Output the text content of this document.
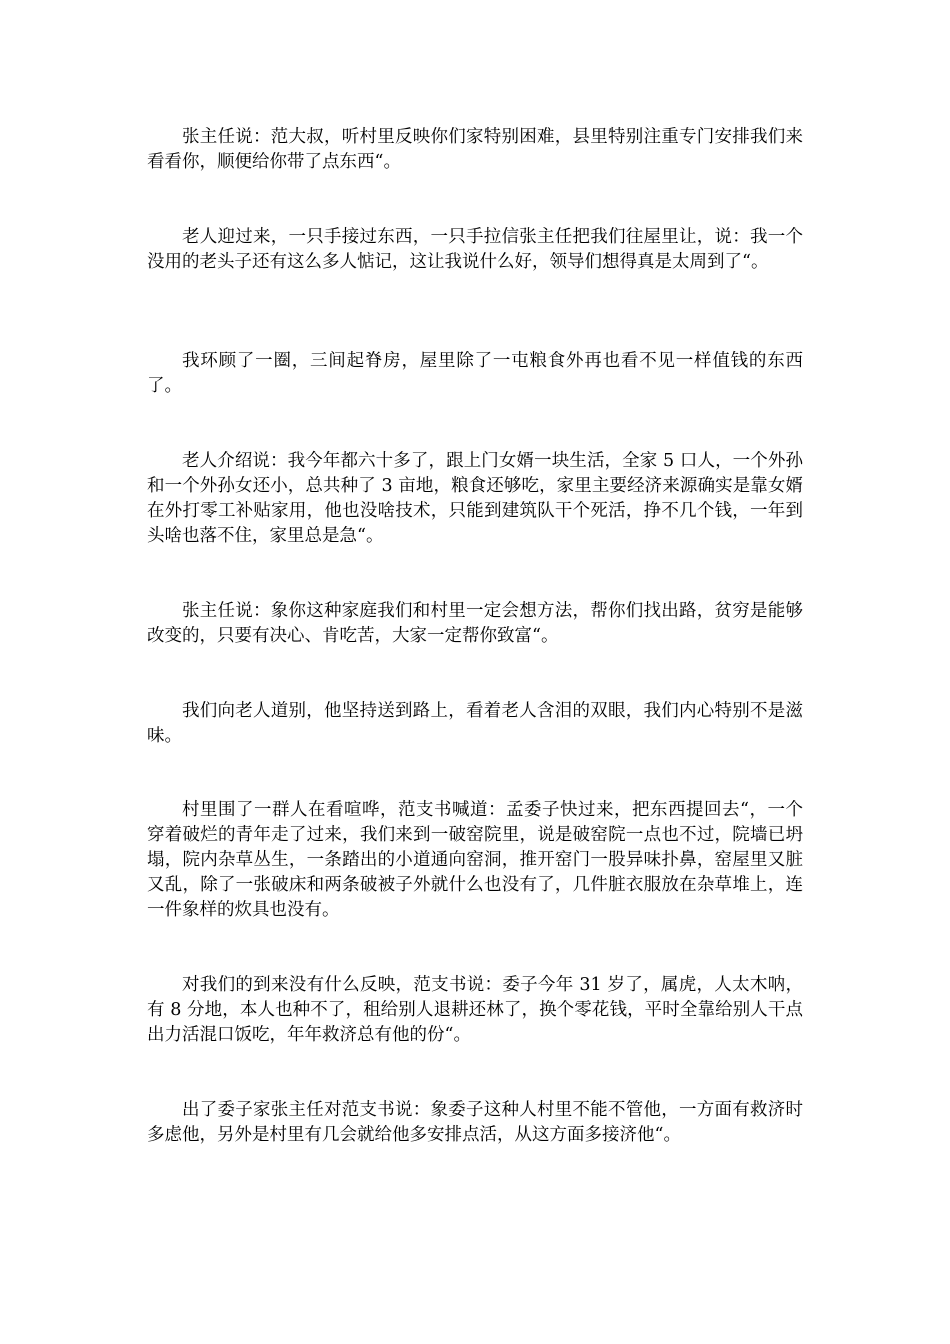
张主任说：范大叔，听村里反映你们家特别困难，县里特别注重专门安排我们来看看你，顺便给你带了点东西“。

老人迎过来，一只手接过东西，一只手拉信张主任把我们往屋里让，说：我一个没用的老头子还有这么多人惦记，这让我说什么好，领导们想得真是太周到了“。

我环顾了一圈，三间起脊房，屋里除了一屯粮食外再也看不见一样值钱的东西了。

老人介绍说：我今年都六十多了，跟上门女婿一块生活，全家 5 口人，一个外孙和一个外孙女还小，总共种了 3 亩地，粮食还够吃，家里主要经济来源确实是靠女婿在外打零工补贴家用，他也没啥技术，只能到建筑队干个死活，挣不几个钱，一年到头啥也落不住，家里总是急“。

张主任说：象你这种家庭我们和村里一定会想方法，帮你们找出路，贫穷是能够改变的，只要有决心、肯吃苦，大家一定帮你致富“。

我们向老人道别，他坚持送到路上，看着老人含泪的双眼，我们内心特别不是滋味。

村里围了一群人在看喧哗，范支书喊道：孟委子快过来，把东西提回去“，一个穿着破烂的青年走了过来，我们来到一破窑院里，说是破窑院一点也不过，院墙已坍塌，院内杂草丛生，一条踏出的小道通向窑洞，推开窑门一股异味扑鼻，窑屋里又脏又乱，除了一张破床和两条破被子外就什么也没有了，几件脏衣服放在杂草堆上，连一件象样的炊具也没有。

对我们的到来没有什么反映，范支书说：委子今年 31 岁了，属虎，人太木呐，有 8 分地，本人也种不了，租给别人退耕还林了，换个零花钱，平时全靠给别人干点出力活混口饭吃，年年救济总有他的份“。

出了委子家张主任对范支书说：象委子这种人村里不能不管他，一方面有救济时多虑他，另外是村里有几会就给他多安排点活，从这方面多接济他“。
